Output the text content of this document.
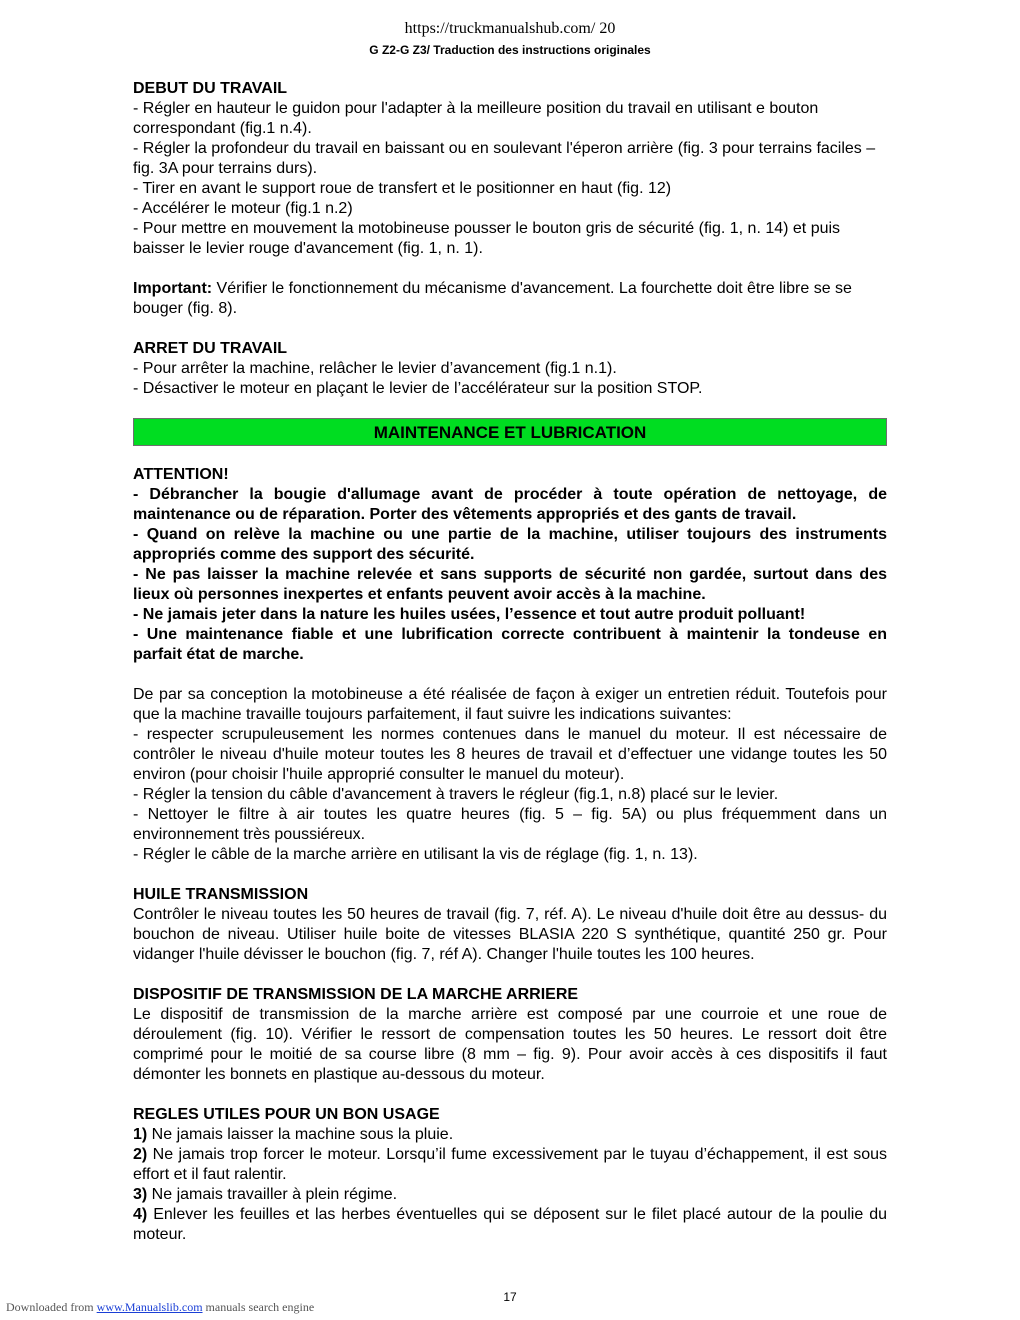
https://truckmanualshub.com/ 20
G Z2-G Z3/ Traduction des instructions originales

DEBUT DU TRAVAIL

- Régler en hauteur le guidon pour l'adapter à la meilleure position du travail en utilisant e bouton correspondant (fig.1 n.4).

- Régler la profondeur du travail en baissant ou en soulevant l'éperon arrière (fig. 3 pour terrains faciles – fig. 3A pour terrains durs).

- Tirer en avant le support roue de transfert et le positionner en haut (fig. 12)

- Accélérer le moteur (fig.1 n.2)

- Pour mettre en mouvement la motobineuse pousser le bouton gris de sécurité (fig. 1, n. 14) et puis baisser le levier rouge d'avancement (fig. 1, n. 1).

Important: Vérifier le fonctionnement du mécanisme d'avancement. La fourchette doit être libre se se bouger (fig. 8).

ARRET DU TRAVAIL

- Pour arrêter la machine, relâcher le levier d’avancement (fig.1 n.1).

- Désactiver le moteur en plaçant le levier de l’accélérateur sur la position STOP.

MAINTENANCE ET LUBRICATION

ATTENTION!

- Débrancher la bougie d'allumage avant de procéder à toute opération de nettoyage, de maintenance ou de réparation. Porter des vêtements appropriés et des gants de travail.

- Quand on relève la machine ou une partie de la machine, utiliser toujours des instruments appropriés comme des support des sécurité.

- Ne pas laisser la machine relevée et sans supports de sécurité non gardée, surtout dans des lieux où personnes inexpertes et enfants peuvent avoir accès à la machine.

- Ne jamais jeter dans la nature les huiles usées, l’essence et tout autre produit polluant!

- Une maintenance fiable et une lubrification correcte contribuent à maintenir la tondeuse en parfait état de marche.

De par sa conception la motobineuse a été réalisée de façon à exiger un entretien réduit. Toutefois pour que la machine travaille toujours parfaitement, il faut suivre les indications suivantes:

- respecter scrupuleusement les normes contenues dans le manuel du moteur. Il est nécessaire de contrôler le niveau d'huile moteur toutes les 8 heures de travail et d’effectuer une vidange toutes les 50 environ (pour choisir l'huile approprié consulter le manuel du moteur).

- Régler la tension du câble d'avancement à travers le régleur (fig.1, n.8) placé sur le levier.

- Nettoyer le filtre à air toutes les quatre heures (fig. 5 – fig. 5A) ou plus fréquemment dans un environnement très poussiéreux.

- Régler le câble de la marche arrière en utilisant la vis de réglage (fig. 1, n. 13).

HUILE TRANSMISSION

Contrôler le niveau toutes les 50 heures de travail (fig. 7, réf. A). Le niveau d'huile doit être au dessus- du bouchon de niveau. Utiliser huile boite de vitesses BLASIA 220 S synthétique, quantité 250 gr. Pour vidanger l'huile dévisser le bouchon (fig. 7, réf A). Changer l'huile toutes les 100 heures.

DISPOSITIF DE TRANSMISSION DE LA MARCHE ARRIERE

Le dispositif de transmission de la marche arrière est composé par une courroie et une roue de déroulement (fig. 10). Vérifier le ressort de compensation toutes les 50 heures. Le ressort doit être comprimé pour le moitié de sa course libre (8 mm – fig. 9). Pour avoir accès à ces dispositifs il faut démonter les bonnets en plastique au-dessous du moteur.

REGLES UTILES POUR UN BON USAGE

1) Ne jamais laisser la machine sous la pluie.

2) Ne jamais trop forcer le moteur. Lorsqu’il fume excessivement par le tuyau d’échappement, il est sous effort et il faut ralentir.

3) Ne jamais travailler à plein régime.

4) Enlever les feuilles et las herbes éventuelles qui se déposent sur le filet placé autour de la poulie du moteur.

17
Downloaded from www.Manualslib.com manuals search engine
